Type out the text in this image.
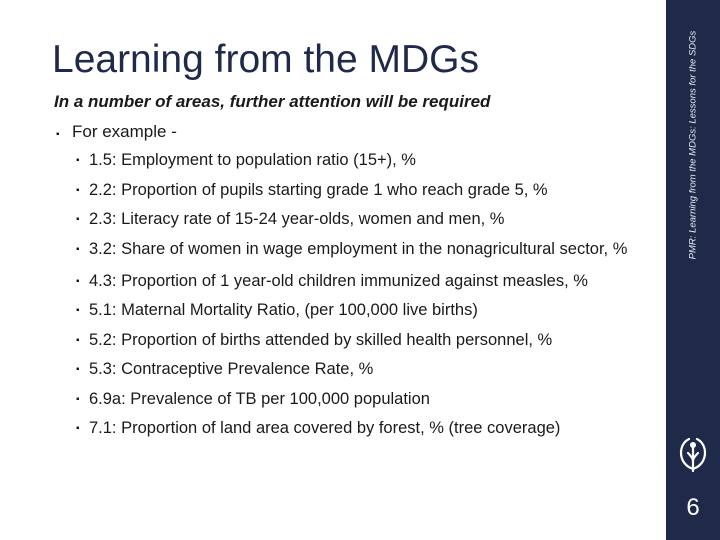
Learning from the MDGs
In a number of areas, further attention will be required
▪ For example -
▪ 1.5: Employment to population ratio (15+), %
▪ 2.2: Proportion of pupils starting grade 1 who reach grade 5, %
▪ 2.3: Literacy rate of 15-24 year-olds, women and men, %
▪ 3.2: Share of women in wage employment in the nonagricultural sector, %
▪ 4.3: Proportion of 1 year-old children immunized against measles, %
▪ 5.1: Maternal Mortality Ratio, (per 100,000 live births)
▪ 5.2: Proportion of births attended by skilled health personnel, %
▪ 5.3: Contraceptive Prevalence Rate, %
▪ 6.9a: Prevalence of TB per 100,000 population
▪ 7.1: Proportion of land area covered by forest, % (tree coverage)
PMR: Learning from the MDGs: Lessons for the SDGs
6
